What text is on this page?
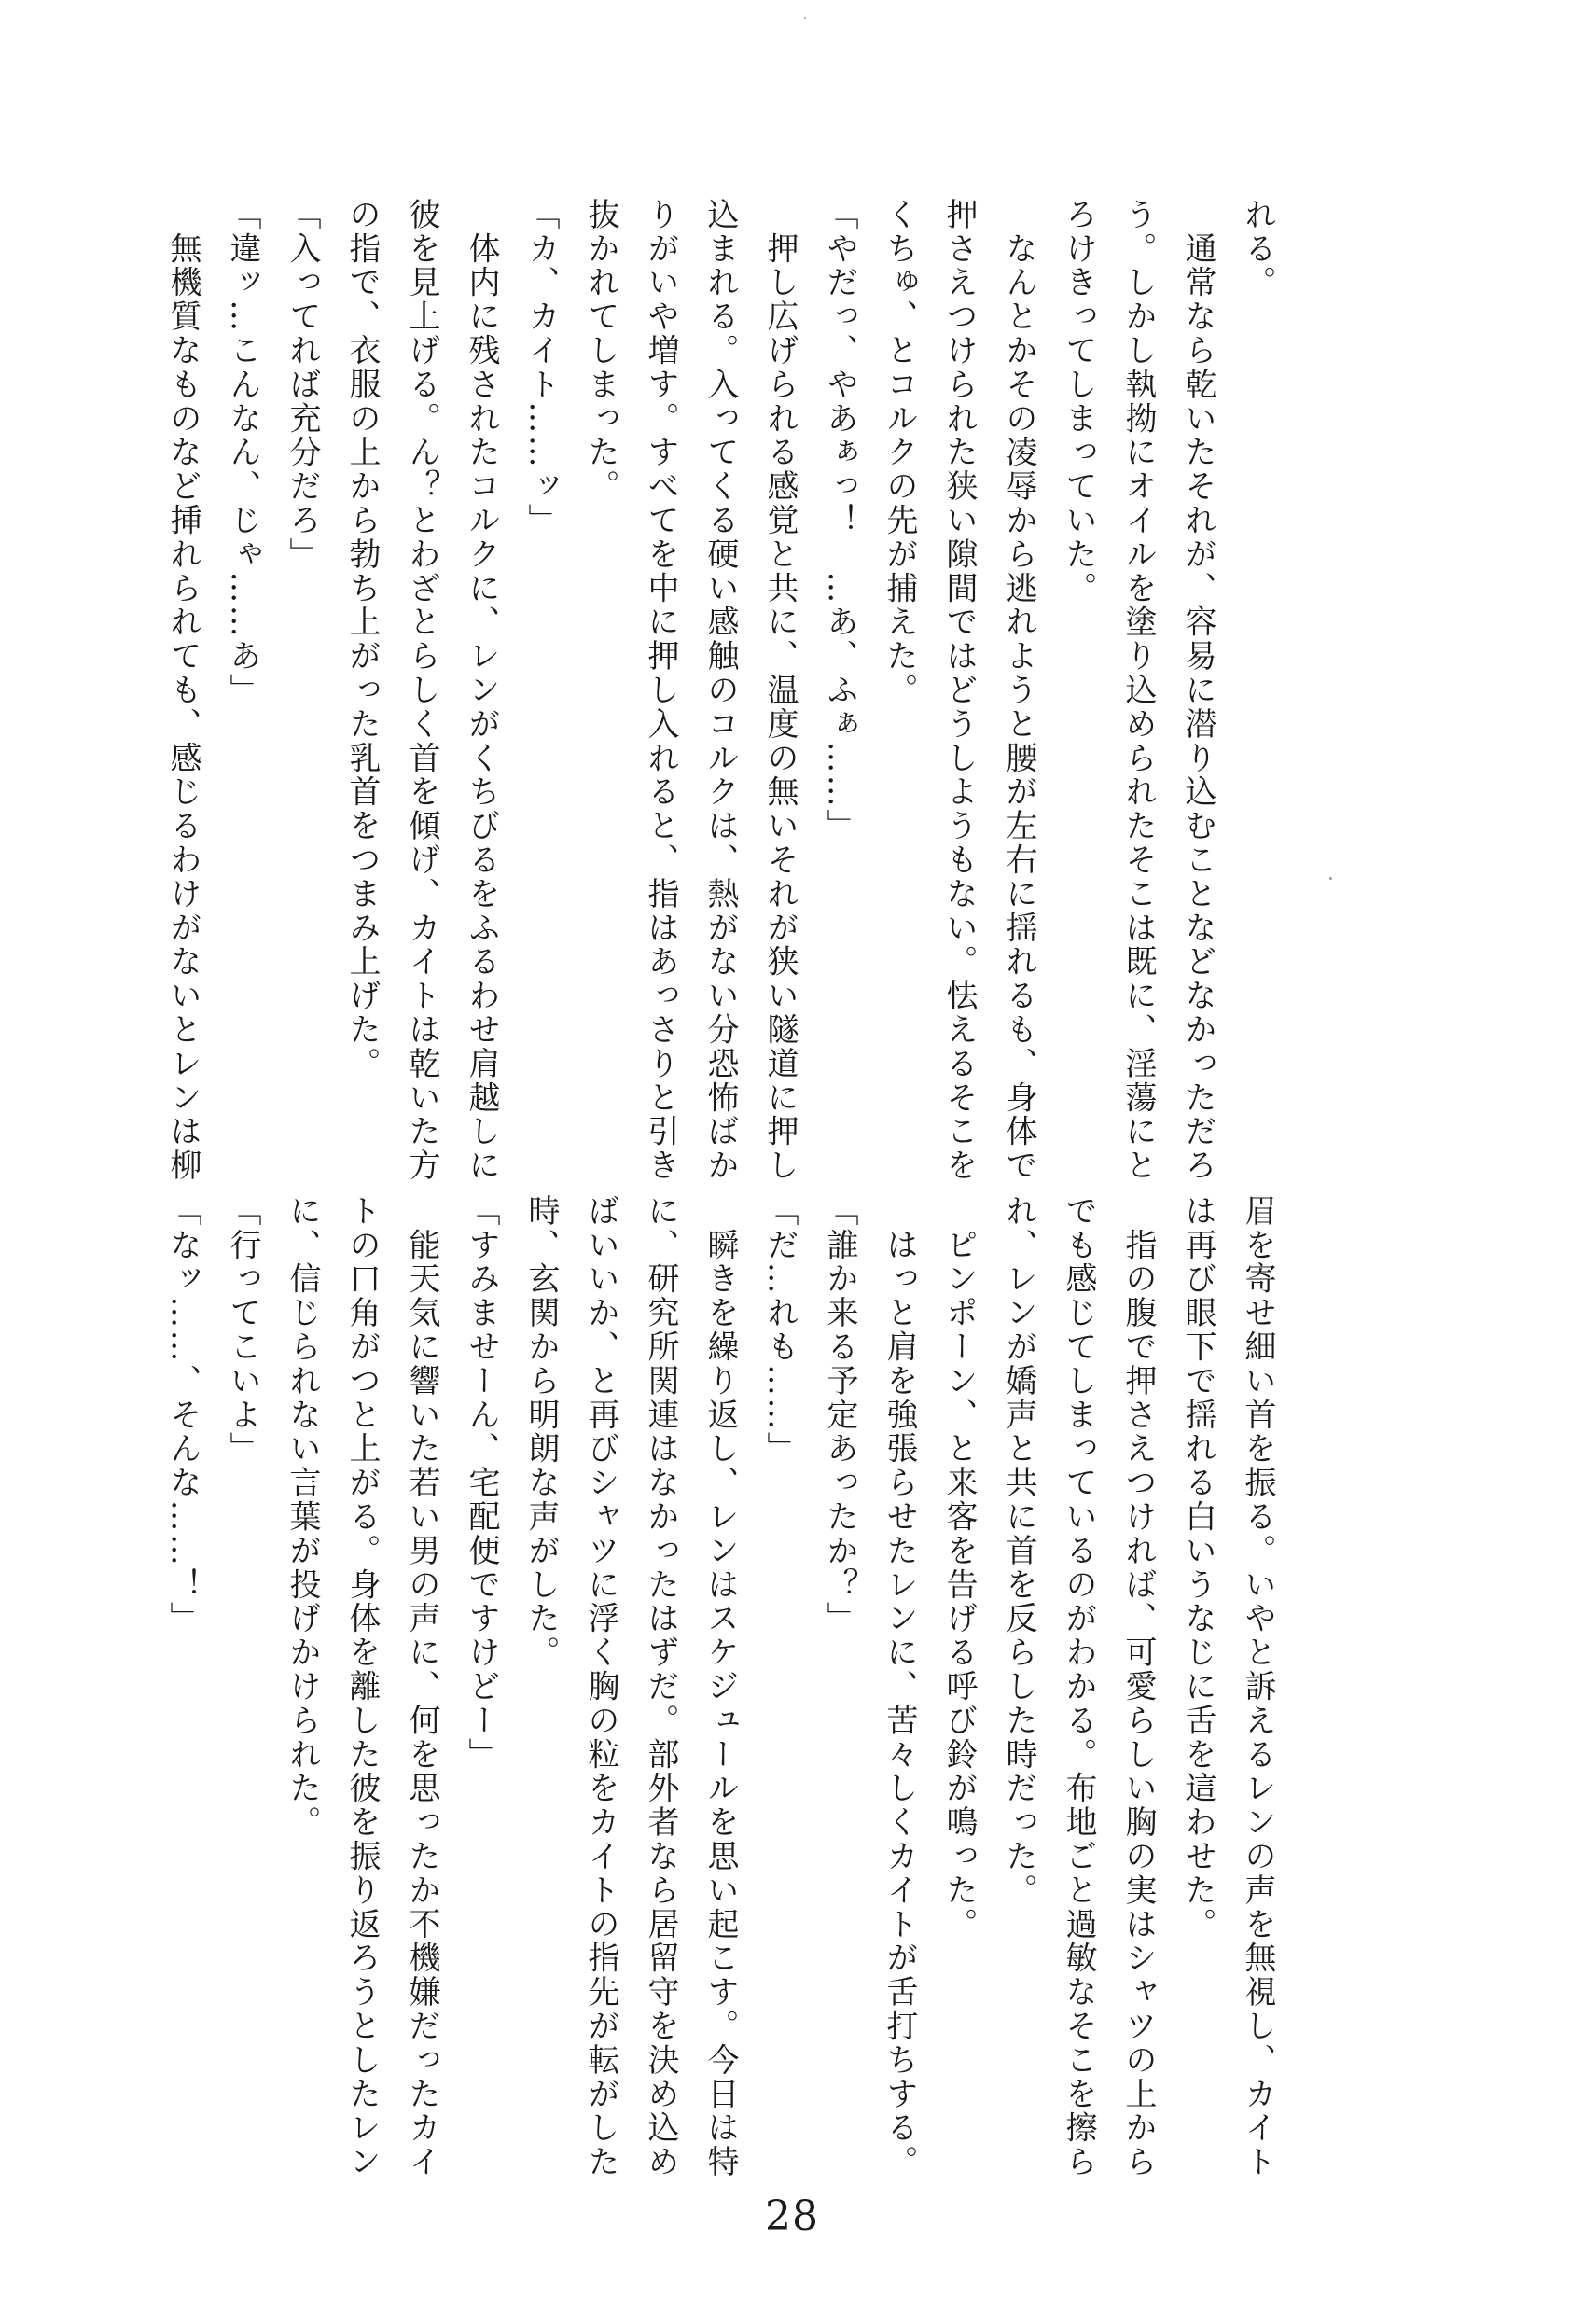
れる。
　通常なら乾いたそれが、容易に潜り込むことなどなかっただろ
う。しかし執拗にオイルを塗り込められたそこは既に、淫蕩にと
ろけきってしまっていた。
　なんとかその凌辱から逃れようと腰が左右に揺れるも、身体で
押さえつけられた狭い隙間ではどうしようもない。怯えるそこを
くちゅ、とコルクの先が捕えた。
「やだっ、やあぁっ！　…あ、ふぁ……」
　押し広げられる感覚と共に、温度の無いそれが狭い隧道に押し
込まれる。入ってくる硬い感触のコルクは、熱がない分恐怖ばか
りがいや増す。すべてを中に押し入れると、指はあっさりと引き
抜かれてしまった。
「カ、カイト……ッ」
　体内に残されたコルクに、レンがくちびるをふるわせ肩越しに
彼を見上げる。ん？とわざとらしく首を傾げ、カイトは乾いた方
の指で、衣服の上から勃ち上がった乳首をつまみ上げた。
「入ってれば充分だろ」
「違ッ…こんなん、じゃ……あ」
　無機質なものなど挿れられても、感じるわけがないとレンは柳
眉を寄せ細い首を振る。いやと訴えるレンの声を無視し、カイト
は再び眼下で揺れる白いうなじに舌を這わせた。
　指の腹で押さえつければ、可愛らしい胸の実はシャツの上から
でも感じてしまっているのがわかる。布地ごと過敏なそこを擦ら
れ、レンが嬌声と共に首を反らした時だった。
　ピンポーン、と来客を告げる呼び鈴が鳴った。
　はっと肩を強張らせたレンに、苦々しくカイトが舌打ちする。
「誰か来る予定あったか？」
「だ…れも……」
　瞬きを繰り返し、レンはスケジュールを思い起こす。今日は特
に、研究所関連はなかったはずだ。部外者なら居留守を決め込め
ばいいか、と再びシャツに浮く胸の粒をカイトの指先が転がした
時、玄関から明朗な声がした。
「すみませーん、宅配便ですけどー」
　能天気に響いた若い男の声に、何を思ったか不機嫌だったカイ
トの口角がつと上がる。身体を離した彼を振り返ろうとしたレン
に、信じられない言葉が投げかけられた。
「行ってこいよ」
「なッ……、そんな……！」
28
